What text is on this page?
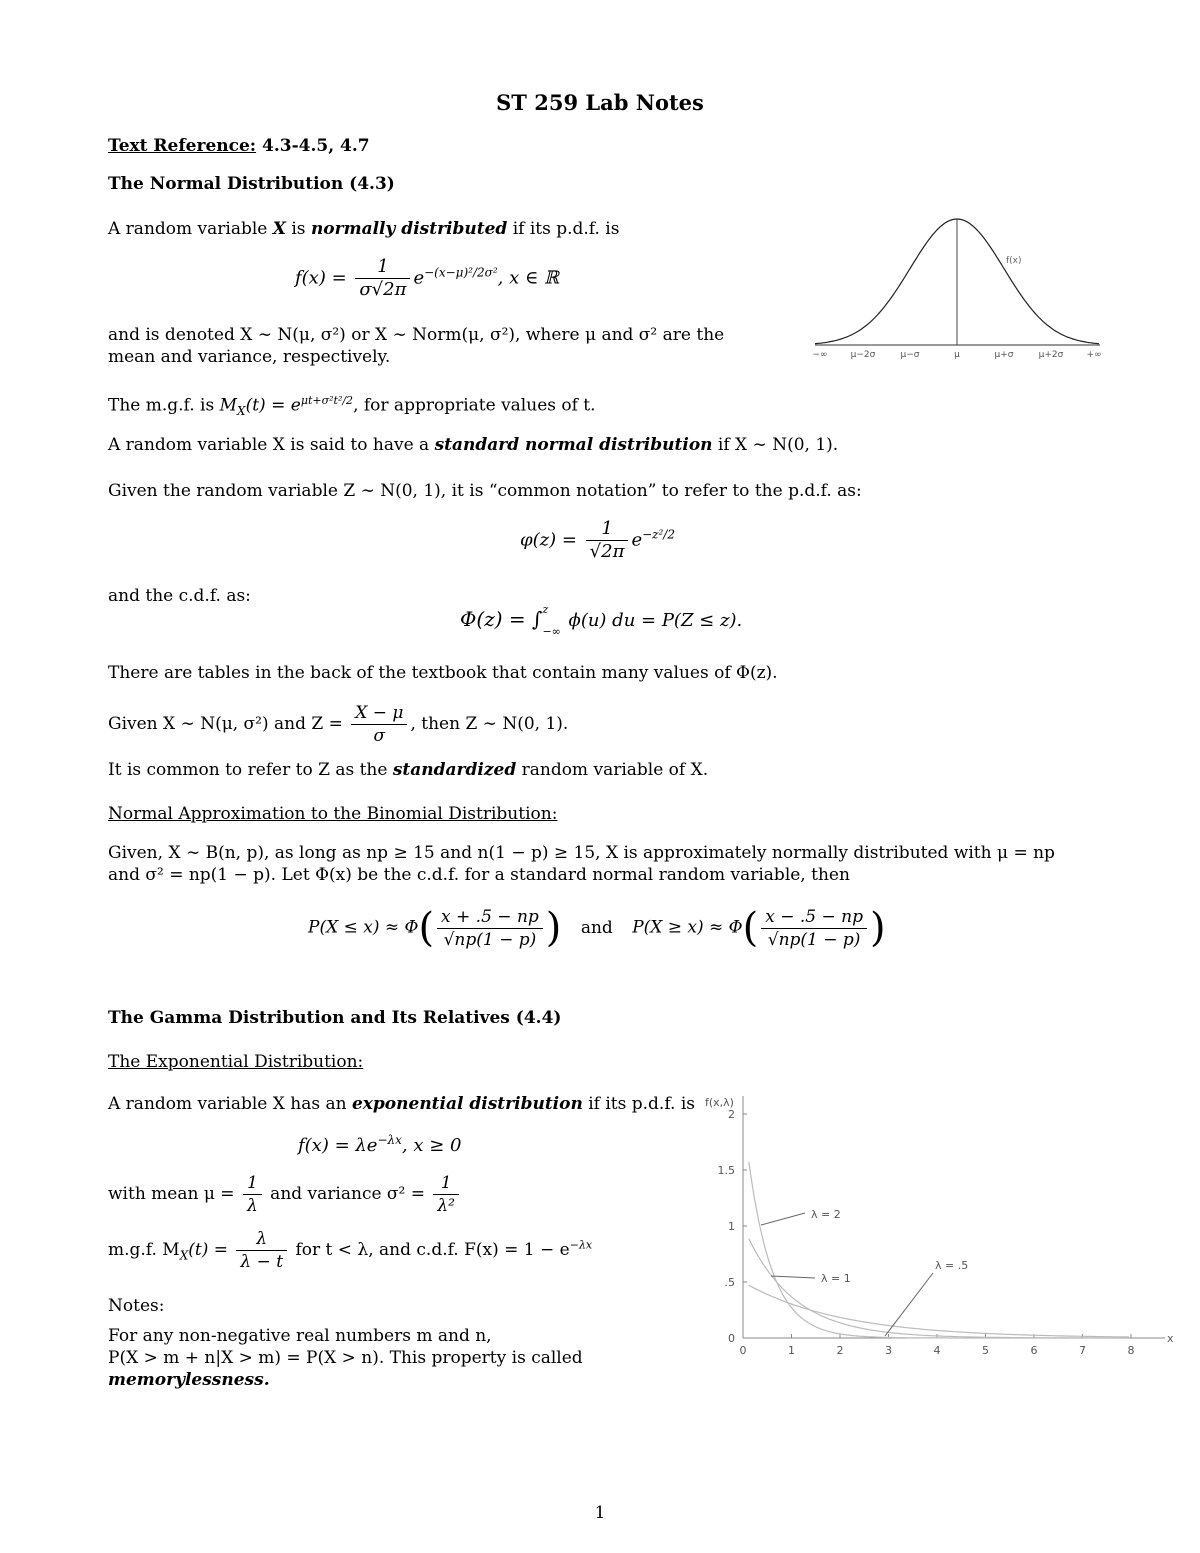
ST 259 Lab Notes
Text Reference: 4.3-4.5, 4.7
The Normal Distribution (4.3)
A random variable X is normally distributed if its p.d.f. is
$f(x) = \frac{1}{\sigma√2\pi} e^{-(x-\mu)^2/2\sigma^2}$, x ∈ ℝ
and is denoted X ∼ N(μ, σ²) or X ∼ Norm(μ, σ²), where μ and σ² are the
mean and variance, respectively.
f(x)
−∞	μ−2σ	μ−σ	μ	μ+σ	μ+2σ	+∞
The m.g.f. is $M_X(t) = e^{\mu t+\sigma^2t^2/2}$, for appropriate values of t.
A random variable X is said to have a standard normal distribution if X ∼ N(0, 1).
Given the random variable Z ∼ N(0, 1), it is “common notation” to refer to the p.d.f. as:
$\varphi(z) = \frac{1}{√2\pi} e^{-z^2/2}$
and the c.d.f. as:
Φ(z) = ∫ z
−∞
ϕ(u) du = P(Z ≤ z).
There are tables in the back of the textbook that contain many values of Φ(z).
Given X ∼ N(μ, σ²) and $Z = \frac{X - \mu}{\sigma}$ , then Z ∼ N(0, 1).
It is common to refer to Z as the standardized random variable of X.
Normal Approximation to the Binomial Distribution:
Given, X ∼ B(n, p), as long as np ≥ 15 and n(1 − p) ≥ 15, X is approximately normally distributed with μ = np
and σ² = np(1 − p). Let Φ(x) be the c.d.f. for a standard normal random variable, then
$P(X \le x) \approx \Phi( \frac{x + .5 - np}{√np(1 - p)}$ ) and $P(X \ge x) \approx \Phi( \frac{x - .5 - np}{√np(1 - p)}$ )
The Gamma Distribution and Its Relatives (4.4)
The Exponential Distribution:
A random variable X has an exponential distribution if its p.d.f. is
$f(x) = \lambda e^{-\lambda x}$, x ≥ 0
with mean $\mu = \frac{1}{\lambda}$ and variance $\sigma^2 = \frac{1}{\text{λ²}}$
m.g.f. $M_X(t) = \frac{\lambda}{\lambda - t}$ for t < λ, and c.d.f. $F(x) = 1 - e^{-\lambda x}$
Notes:
For any non-negative real numbers m and n,
P(X > m + n|X > m) = P(X > n). This property is called
memorylessness.
0	1	2	3	4	5	6	7	8
0
.5
1
1.5
2
f(x,λ)
x
λ = 2
λ = 1
λ = .5
1
